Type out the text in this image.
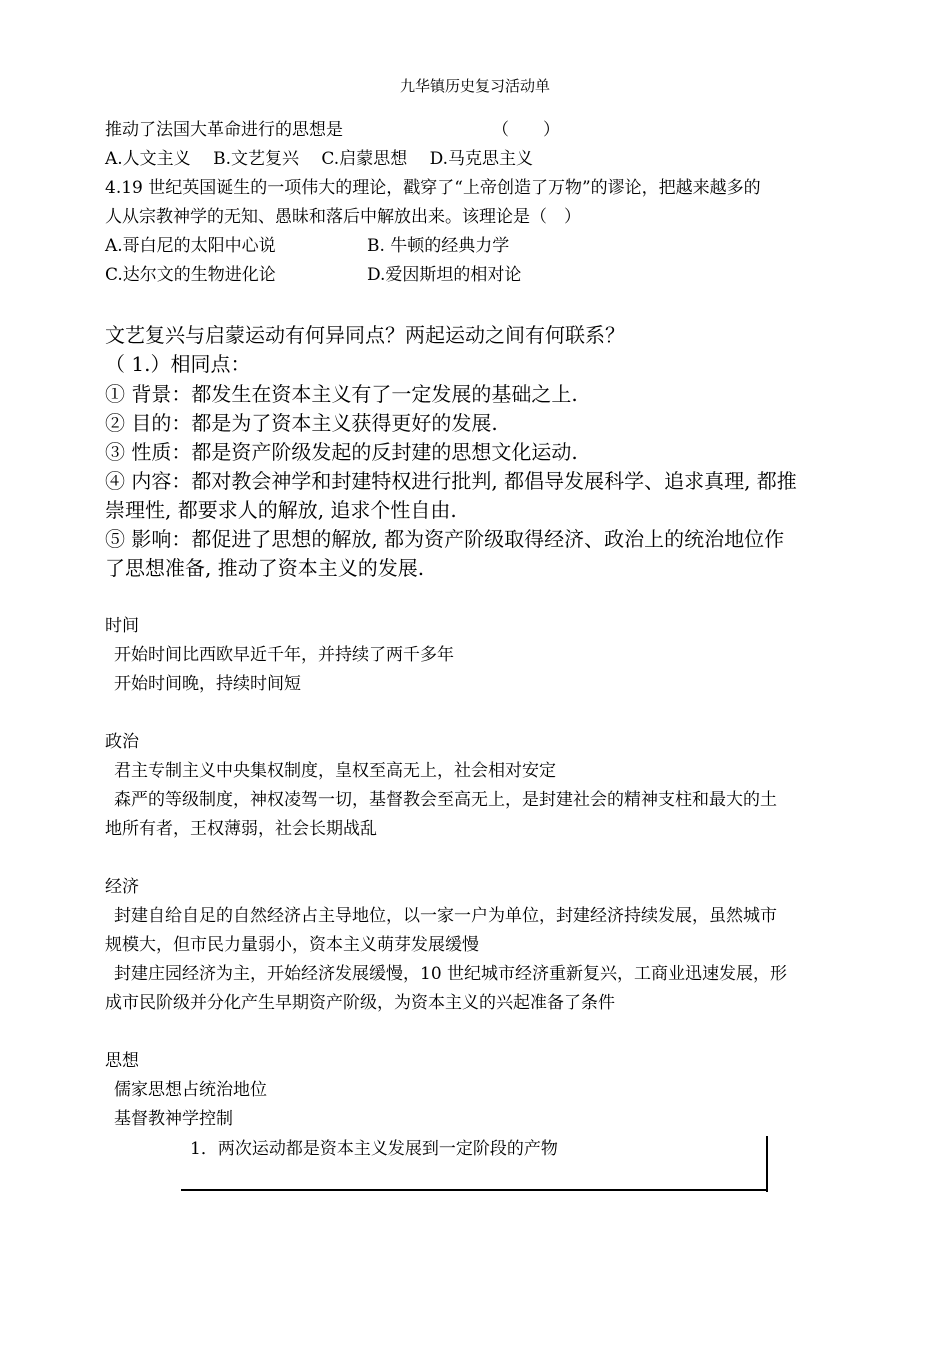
九华镇历史复习活动单
推动了法国大革命进行的思想是	（　　）
A.人文主义　 B.文艺复兴　 C.启蒙思想　 D.马克思主义
4.19 世纪英国诞生的一项伟大的理论，戳穿了“上帝创造了万物”的谬论，把越来越多的
人从宗教神学的无知、愚昧和落后中解放出来。该理论是（　）
A.哥白尼的太阳中心说	B. 牛顿的经典力学
C.达尔文的生物进化论	D.爱因斯坦的相对论
文艺复兴与启蒙运动有何异同点？两起运动之间有何联系？
（ 1.）相同点：
① 背景：都发生在资本主义有了一定发展的基础之上.
② 目的：都是为了资本主义获得更好的发展.
③ 性质：都是资产阶级发起的反封建的思想文化运动.
④ 内容：都对教会神学和封建特权进行批判, 都倡导发展科学、追求真理, 都推
崇理性, 都要求人的解放, 追求个性自由.
⑤ 影响：都促进了思想的解放, 都为资产阶级取得经济、政治上的统治地位作
了思想准备, 推动了资本主义的发展.
时间
开始时间比西欧早近千年，并持续了两千多年
开始时间晚，持续时间短
政治
君主专制主义中央集权制度，皇权至高无上，社会相对安定
森严的等级制度，神权凌驾一切，基督教会至高无上，是封建社会的精神支柱和最大的土
地所有者，王权薄弱，社会长期战乱
经济
封建自给自足的自然经济占主导地位，以一家一户为单位，封建经济持续发展，虽然城市
规模大，但市民力量弱小，资本主义萌芽发展缓慢
封建庄园经济为主，开始经济发展缓慢，10 世纪城市经济重新复兴，工商业迅速发展，形
成市民阶级并分化产生早期资产阶级，为资本主义的兴起准备了条件
思想
儒家思想占统治地位
基督教神学控制
1．两次运动都是资本主义发展到一定阶段的产物
